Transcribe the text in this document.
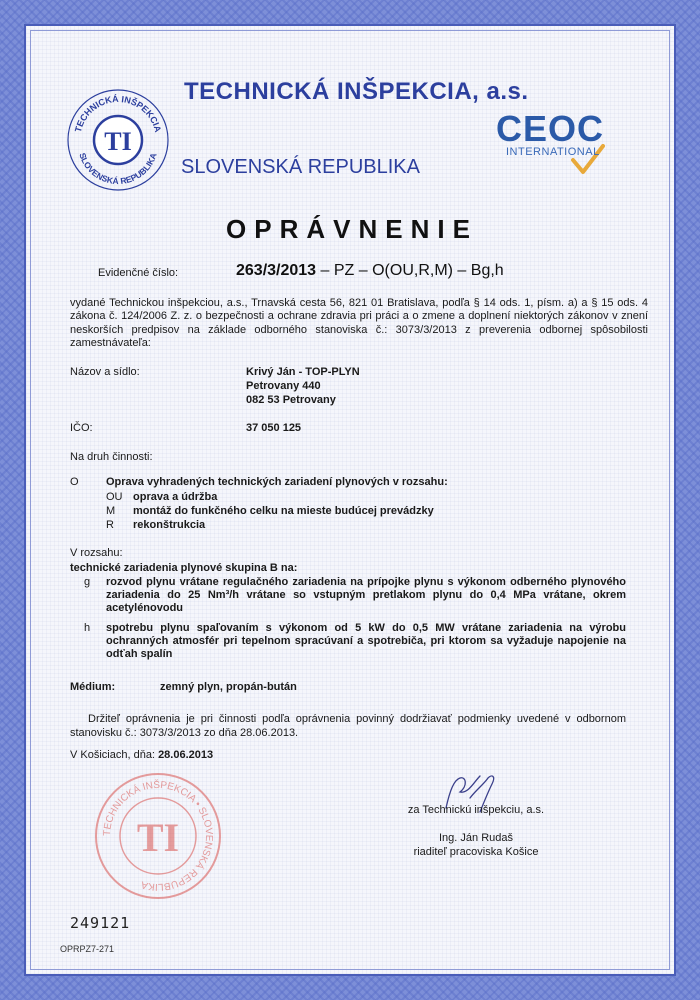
TECHNICKÁ INŠPEKCIA
SLOVENSKÁ REPUBLIKA
TI
TECHNICKÁ INŠPEKCIA, a.s.
SLOVENSKÁ REPUBLIKA
CEOC
INTERNATIONAL
OPRÁVNENIE
Evidenčné číslo:	263/3/2013 – PZ – O(OU,R,M) – Bg,h
vydané Technickou inšpekciou, a.s., Trnavská cesta 56, 821 01 Bratislava, podľa § 14 ods. 1, písm. a) a § 15 ods. 4 zákona č. 124/2006 Z. z. o bezpečnosti a ochrane zdravia pri práci a o zmene a doplnení niektorých zákonov v znení neskorších predpisov na základe odborného stanoviska č.: 3073/3/2013 z preverenia odbornej spôsobilosti zamestnávateľa:
Názov a sídlo:	Krivý Ján - TOP-PLYN
Petrovany 440
082 53 Petrovany
IČO:	37 050 125
Na druh činnosti:
O Oprava vyhradených technických zariadení plynových v rozsahu:
OU oprava a údržba
M montáž do funkčného celku na mieste budúcej prevádzky
R rekonštrukcia
V rozsahu:
technické zariadenia plynové skupina B na:
g rozvod plynu vrátane regulačného zariadenia na prípojke plynu s výkonom odberného plynového zariadenia do 25 Nm³/h vrátane so vstupným pretlakom plynu do 0,4 MPa vrátane, okrem acetylénovodu
h spotrebu plynu spaľovaním s výkonom od 5 kW do 0,5 MW vrátane zariadenia na výrobu ochranných atmosfér pri tepelnom spracúvaní a spotrebiča, pri ktorom sa vyžaduje napojenie na odťah spalín
Médium:	zemný plyn, propán-bután
Držiteľ oprávnenia je pri činnosti podľa oprávnenia povinný dodržiavať podmienky uvedené v odbornom stanovisku č.: 3073/3/2013 zo dňa 28.06.2013.
V Košiciach, dňa: 28.06.2013
TECHNICKÁ INŠPEKCIA • SLOVENSKÁ REPUBLIKA
TI
za Technickú inšpekciu, a.s.
Ing. Ján Rudaš
riaditeľ pracoviska Košice
249121
OPRPZ7-271
